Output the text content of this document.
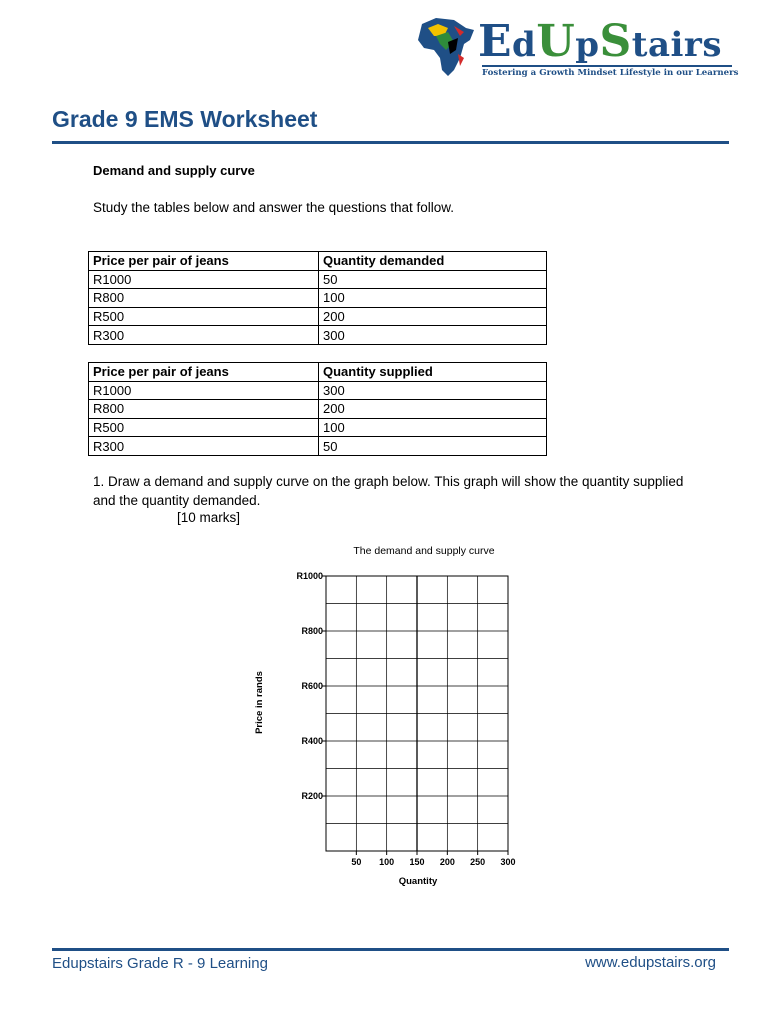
EdUpStairs
Fostering a Growth Mindset Lifestyle in our Learners
Grade 9 EMS Worksheet
Demand and supply curve
Study the tables below and answer the questions that follow.
Price per pair of jeans	Quantity demanded
R1000	50
R800	100
R500	200
R300	300
Price per pair of jeans	Quantity supplied
R1000	300
R800	200
R500	100
R300	50
1. Draw a demand and supply curve on the graph below. This graph will show the quantity supplied and the quantity demanded.
[10 marks]
The demand and supply curve
Price in rands
Quantity
R1000
R800
R600
R400
R200
50 100 150 200 250 300
Edupstairs Grade R - 9 Learning	www.edupstairs.org
